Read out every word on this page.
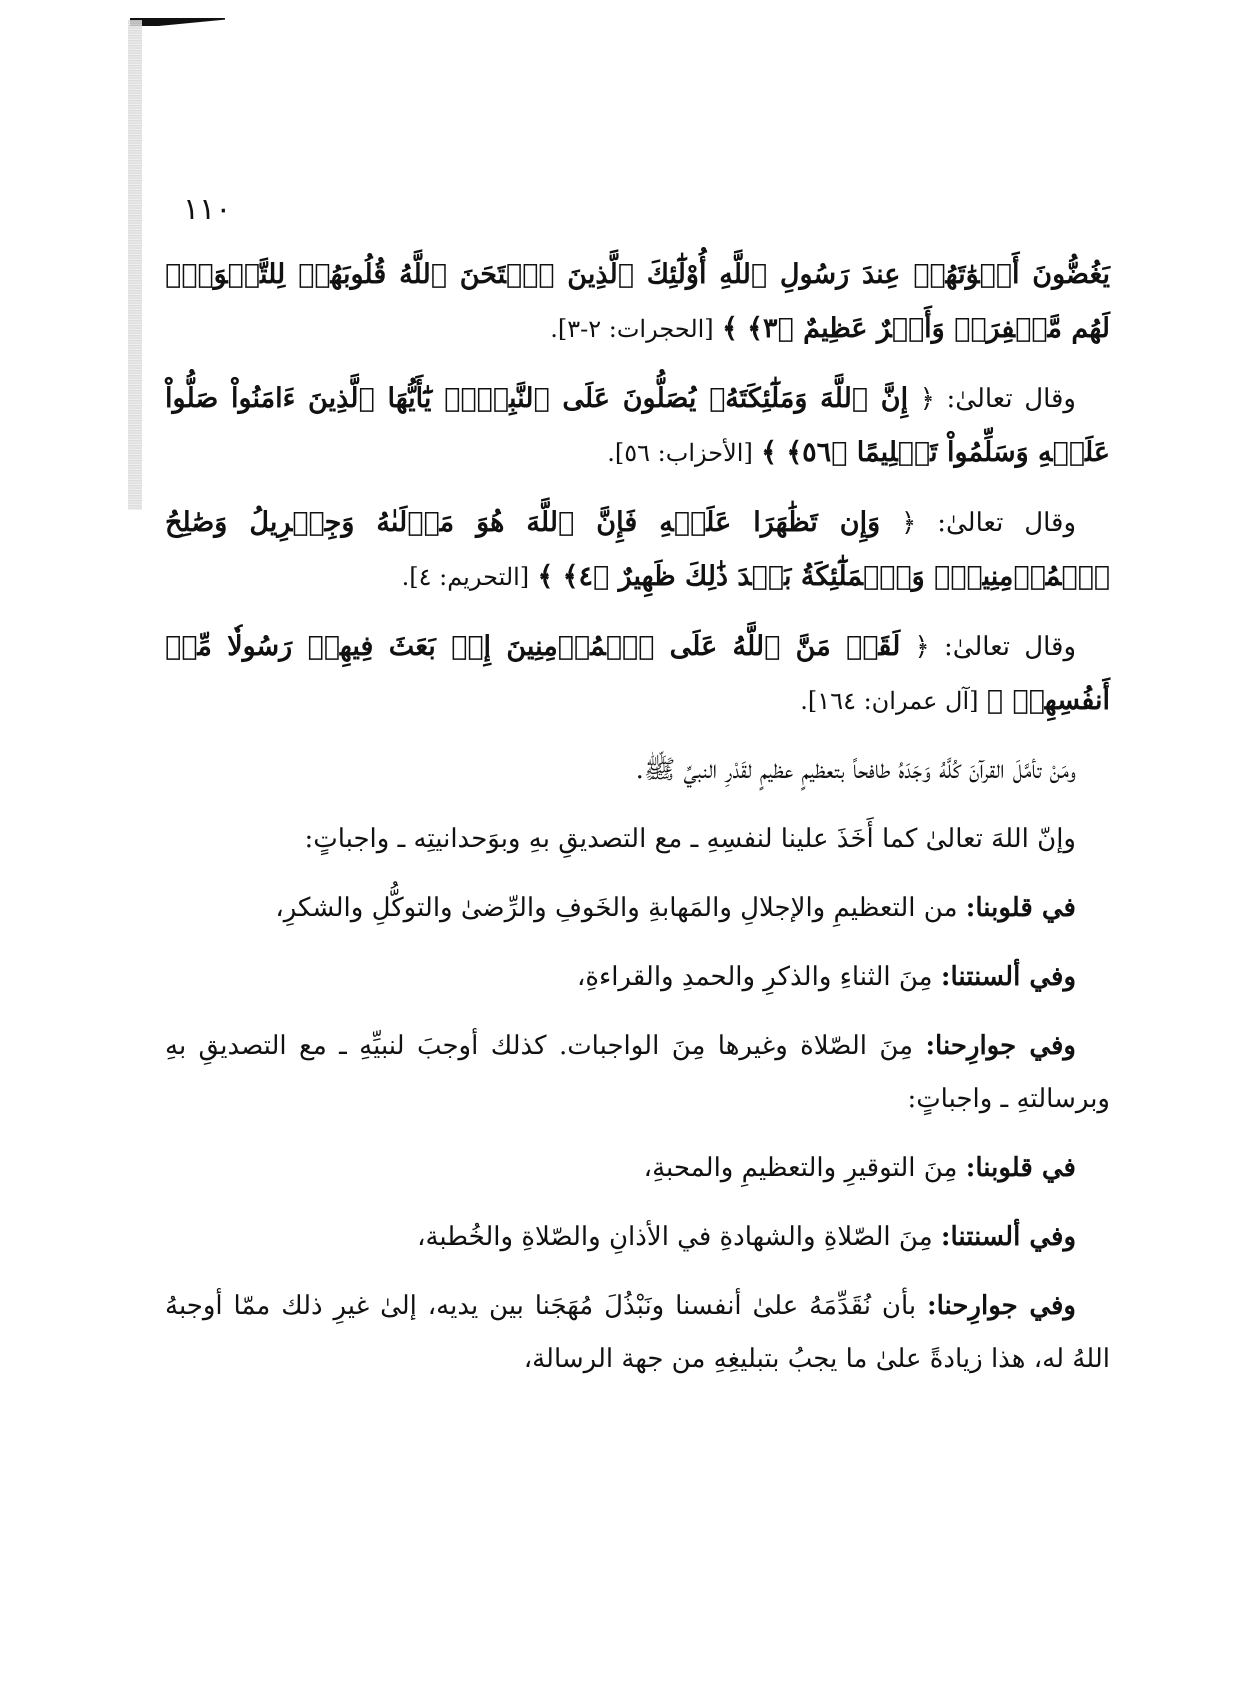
١١٠

يَغُضُّونَ أَصۡوَٰتَهُمۡ عِندَ رَسُولِ ٱللَّهِ أُوْلَٰٓئِكَ ٱلَّذِينَ ٱمۡتَحَنَ ٱللَّهُ قُلُوبَهُمۡ لِلتَّقۡوَىٰۚ لَهُم مَّغۡفِرَةٞ وَأَجۡرٌ عَظِيمٌ ﴿٣﴾ ﴾ [الحجرات: ٢-٣].

وقال تعالىٰ: ﴿ إِنَّ ٱللَّهَ وَمَلَٰٓئِكَتَهُۥ يُصَلُّونَ عَلَى ٱلنَّبِيِّۚ يَٰٓأَيُّهَا ٱلَّذِينَ ءَامَنُواْ صَلُّواْ عَلَيۡهِ وَسَلِّمُواْ تَسۡلِيمًا ﴿٥٦﴾ ﴾ [الأحزاب: ٥٦].

وقال تعالىٰ: ﴿ وَإِن تَظَٰهَرَا عَلَيۡهِ فَإِنَّ ٱللَّهَ هُوَ مَوۡلَىٰهُ وَجِبۡرِيلُ وَصَٰلِحُ ٱلۡمُؤۡمِنِينَۖ وَٱلۡمَلَٰٓئِكَةُ بَعۡدَ ذَٰلِكَ ظَهِيرٌ ﴿٤﴾ ﴾ [التحريم: ٤].

وقال تعالىٰ: ﴿ لَقَدۡ مَنَّ ٱللَّهُ عَلَى ٱلۡمُؤۡمِنِينَ إِذۡ بَعَثَ فِيهِمۡ رَسُولٗا مِّنۡ أَنفُسِهِمۡ ﴾ [آل عمران: ١٦٤].

ومَنْ تأمَّلَ القرآنَ كُلَّهُ وَجَدَهُ طافحاً بتعظيمٍ عظيمٍ لقَدْرِ النبيِّ ﷺ.

وإنّ اللهَ تعالىٰ كما أَخَذَ علينا لنفسِهِ ـ مع التصديقِ بهِ وبوَحدانيتِه ـ واجباتٍ:

في قلوبنا: من التعظيمِ والإجلالِ والمَهابةِ والخَوفِ والرِّضىٰ والتوكُّلِ والشكرِ،

وفي ألسنتنا: مِنَ الثناءِ والذكرِ والحمدِ والقراءةِ،

وفي جوارِحنا: مِنَ الصّلاة وغيرها مِنَ الواجبات. كذلك أوجبَ لنبيِّهِ ـ مع التصديقِ بهِ وبرسالتهِ ـ واجباتٍ:

في قلوبنا: مِنَ التوقيرِ والتعظيمِ والمحبةِ،

وفي ألسنتنا: مِنَ الصّلاةِ والشهادةِ في الأذانِ والصّلاةِ والخُطبة،

وفي جوارِحنا: بأن نُقَدِّمَهُ علىٰ أنفسنا ونَبْذُلَ مُهَجَنا بين يديه، إلىٰ غيرِ ذلك ممّا أوجبهُ اللهُ له، هذا زيادةً علىٰ ما يجبُ بتبليغِهِ من جهة الرسالة،
